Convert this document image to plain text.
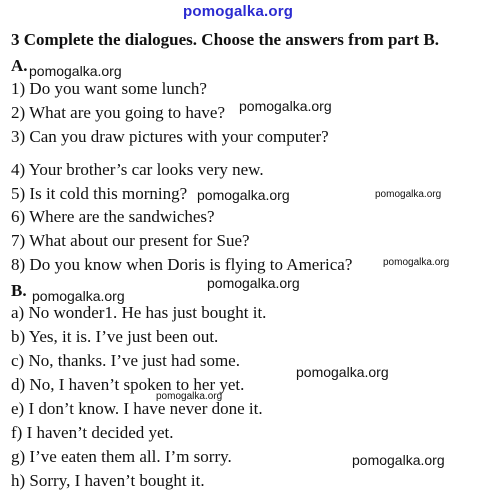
pomogalka.org
3 Complete the dialogues. Choose the answers from part B.
A.
1) Do you want some lunch?
2) What are you going to have?
3) Can you draw pictures with your computer?
4) Your brother’s car looks very new.
5) Is it cold this morning?
6) Where are the sandwiches?
7) What about our present for Sue?
8) Do you know when Doris is flying to America?
B.
a) No wonder1. He has just bought it.
b) Yes, it is. I’ve just been out.
c) No, thanks. I’ve just had some.
d) No, I haven’t spoken to her yet.
e) I don’t know. I have never done it.
f) I haven’t decided yet.
g) I’ve eaten them all. I’m sorry.
h) Sorry, I haven’t bought it.
pomogalka.org
pomogalka.org
pomogalka.org	pomogalka.org
pomogalka.org
pomogalka.org
pomogalka.org
pomogalka.org
pomogalka.org
pomogalka.org
